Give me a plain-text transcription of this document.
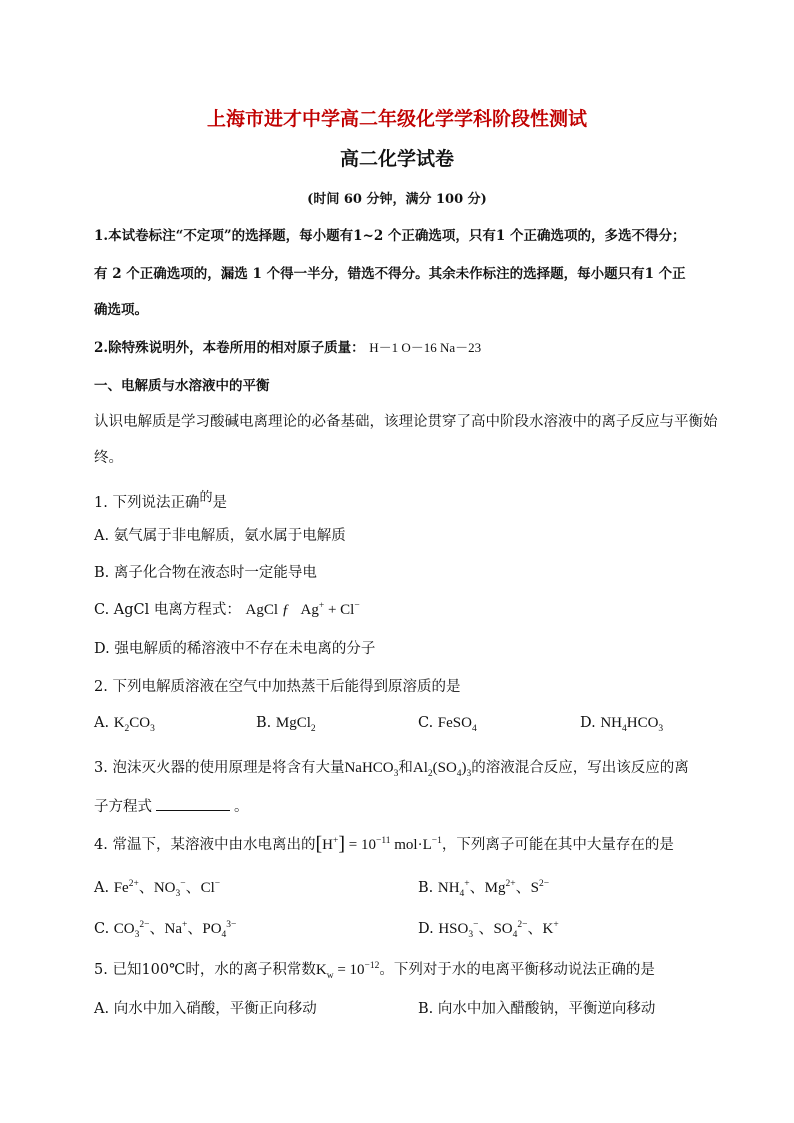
上海市进才中学高二年级化学学科阶段性测试
高二化学试卷
(时间 60 分钟，满分 100 分)
1.本试卷标注“不定项”的选择题，每小题有1~2 个正确选项，只有1 个正确选项的，多选不得分；
有 2 个正确选项的，漏选 1 个得一半分，错选不得分。其余未作标注的选择题，每小题只有1 个正
确选项。
2.除特殊说明外，本卷所用的相对原子质量： H－1 O－16 Na－23
一、电解质与水溶液中的平衡
认识电解质是学习酸碱电离理论的必备基础，该理论贯穿了高中阶段水溶液中的离子反应与平衡始
终。
1. 下列说法正确$^的$是
A. 氨气属于非电解质，氨水属于电解质
B. 离子化合物在液态时一定能导电
C. AgCl 电离方程式： AgCl ƒ Ag+ + Cl−
D. 强电解质的稀溶液中不存在未电离的分子
2. 下列电解质溶液在空气中加热蒸干后能得到原溶质的是
A. $K_2CO_3$	B. MgCl$_2$	C. FeSO$_4$	D. $NH_4HCO_3$
3. 泡沫灭火器的使用原理是将含有大量NaHCO$_3$和$Al_2(SO_4)_3$的溶液混合反应，写出该反应的离
子方程式	。
4. 常温下，某溶液中由水电离出的$[H^+] = 10^{-11}$ $mol\cdot L^{-1}$，下列离子可能在其中大量存在的是
A. $Fe^{2+}$、$NO_3^-$、Cl−	B. $NH_4^+$、$Mg^{2+}$、$S^{2-}$
C. $CO_3^{2-}$、Na+、$PO_4^{3-}$	D. $HSO_3^-$、$SO_4^{2-}$、K+
5. 已知100℃时，水的离子积常数$K_w = 10^{-12}$。下列对于水的电离平衡移动说法正确的是
A. 向水中加入硝酸，平衡正向移动	B. 向水中加入醋酸钠，平衡逆向移动
